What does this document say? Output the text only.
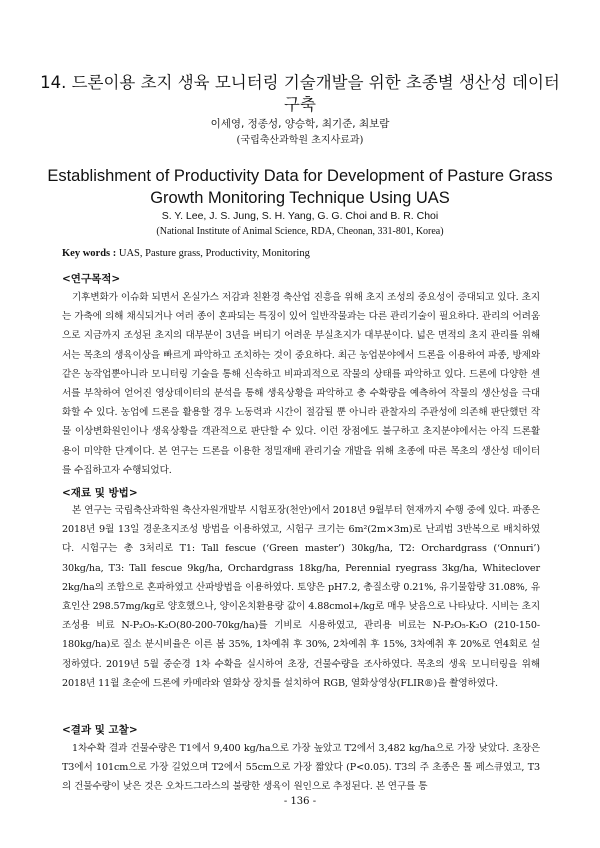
14. 드론이용 초지 생육 모니터링 기술개발을 위한 초종별 생산성 데이터 구축
이세영, 정종성, 양승학, 최기준, 최보람
(국립축산과학원 초지사료과)
Establishment of Productivity Data for Development of Pasture Grass Growth Monitoring Technique Using UAS
S. Y. Lee, J. S. Jung, S. H. Yang, G. G. Choi and B. R. Choi
(National Institute of Animal Science, RDA, Cheonan, 331-801, Korea)
Key words : UAS, Pasture grass, Productivity, Monitoring
<연구목적>

기후변화가 이슈화 되면서 온실가스 저감과 친환경 축산업 진흥을 위해 초지 조성의 중요성이 증대되고 있다. 초지는 가축에 의해 채식되거나 여러 종이 혼파되는 특징이 있어 일반작물과는 다른 관리기술이 필요하다. 관리의 어려움으로 지금까지 조성된 초지의 대부분이 3년을 버티기 어려운 부실초지가 대부분이다. 넓은 면적의 초지 관리를 위해서는 목초의 생육이상을 빠르게 파악하고 조치하는 것이 중요하다. 최근 농업분야에서 드론을 이용하여 파종, 방제와 같은 농작업뿐아니라 모니터링 기술을 통해 신속하고 비파괴적으로 작물의 상태를 파악하고 있다. 드론에 다양한 센서를 부착하여 얻어진 영상데이터의 분석을 통해 생육상황을 파악하고 총 수확량을 예측하여 작물의 생산성을 극대화할 수 있다. 농업에 드론을 활용할 경우 노동력과 시간이 절감될 뿐 아니라 관찰자의 주관성에 의존해 판단했던 작물 이상변화원인이나 생육상황을 객관적으로 판단할 수 있다. 이런 장점에도 불구하고 초지분야에서는 아직 드론활용이 미약한 단계이다. 본 연구는 드론을 이용한 정밀재배 관리기술 개발을 위해 초종에 따른 목초의 생산성 데이터를 수집하고자 수행되었다.

<재료 및 방법>

본 연구는 국립축산과학원 축산자원개발부 시험포장(천안)에서 2018년 9월부터 현재까지 수행 중에 있다. 파종은 2018년 9월 13일 경운초지조성 방법을 이용하였고, 시험구 크기는 6m²(2m×3m)로 난괴법 3반복으로 배치하였다. 시험구는 총 3처리로 T1: Tall fescue (‘Green master’) 30kg/ha, T2: Orchardgrass (‘Onnuri’) 30kg/ha, T3: Tall fescue 9kg/ha, Orchardgrass 18kg/ha, Perennial ryegrass 3kg/ha, Whiteclover 2kg/ha의 조합으로 혼파하였고 산파방법을 이용하였다. 토양은 pH7.2, 총질소량 0.21%, 유기물함량 31.08%, 유효인산 298.57mg/kg로 양호했으나, 양이온치환용량 값이 4.88cmol+/kg로 매우 낮음으로 나타났다. 시비는 초지 조성용 비료 N-P₂O₅-K₂O(80-200-70kg/ha)를 기비로 시용하였고, 관리용 비료는 N-P₂O₅-K₂O (210-150-180kg/ha)로 질소 분시비율은 이른 봄 35%, 1차예취 후 30%, 2차예취 후 15%, 3차예취 후 20%로 연4회로 설정하였다. 2019년 5월 중순경 1차 수확을 실시하여 초장, 건물수량을 조사하였다. 목초의 생육 모니터링을 위해 2018년 11월 초순에 드론에 카메라와 열화상 장치를 설치하여 RGB, 열화상영상(FLIR®)을 촬영하였다.

<결과 및 고찰>

1차수확 결과 건물수량은 T1에서 9,400 kg/ha으로 가장 높았고 T2에서 3,482 kg/ha으로 가장 낮았다. 초장은 T3에서 101cm으로 가장 길었으며 T2에서 55cm으로 가장 짧았다 (P<0.05). T3의 주 초종은 톨 페스큐였고, T3의 건물수량이 낮은 것은 오차드그라스의 불량한 생육이 원인으로 추정된다. 본 연구를 통

- 136 -
